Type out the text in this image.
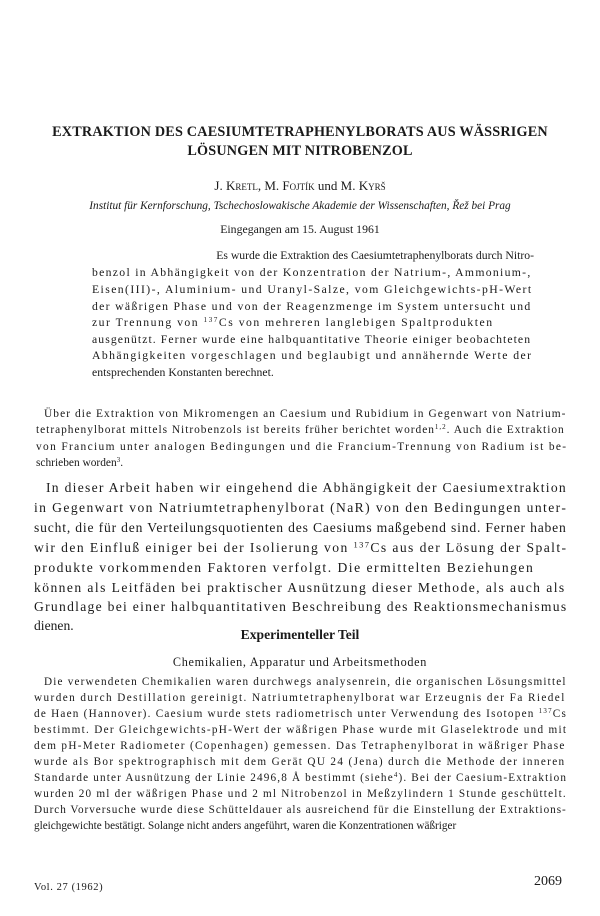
EXTRAKTION DES CAESIUMTETRAPHENYLBORATS AUS WÄSSRIGEN
LÖSUNGEN MIT NITROBENZOL
J. Kretl, M. Fojtík und M. Kyrš
Institut für Kernforschung, Tschechoslowakische Akademie der Wissenschaften, Řež bei Prag
Eingegangen am 15. August 1961
Es wurde die Extraktion des Caesiumtetraphenylborats durch Nitro-
benzol in Abhängigkeit von der Konzentration der Natrium-, Ammonium-,
Eisen(III)-, Aluminium- und Uranyl-Salze, vom Gleichgewichts-pH-Wert
der wäßrigen Phase und von der Reagenzmenge im System untersucht und
zur Trennung von $^{137}$Cs von mehreren langlebigen Spaltprodukten
ausgenützt. Ferner wurde eine halbquantitative Theorie einiger beobachteten
Abhängigkeiten vorgeschlagen und beglaubigt und annähernde Werte der
entsprechenden Konstanten berechnet.
Über die Extraktion von Mikromengen an Caesium und Rubidium in Gegenwart von Natrium-
tetraphenylborat mittels Nitrobenzols ist bereits früher berichtet worden$^{1,2}$. Auch die Extraktion
von Francium unter analogen Bedingungen und die Francium-Trennung von Radium ist be-
schrieben worden$^3$.
In dieser Arbeit haben wir eingehend die Abhängigkeit der Caesiumextraktion
in Gegenwart von Natriumtetraphenylborat (NaR) von den Bedingungen unter-
sucht, die für den Verteilungsquotienten des Caesiums maßgebend sind. Ferner haben
wir den Einfluß einiger bei der Isolierung von $^{137}$Cs aus der Lösung der Spalt-
produkte vorkommenden Faktoren verfolgt. Die ermittelten Beziehungen
können als Leitfäden bei praktischer Ausnützung dieser Methode, als auch als
Grundlage bei einer halbquantitativen Beschreibung des Reaktionsmechanismus
dienen.
Experimenteller Teil
Chemikalien, Apparatur und Arbeitsmethoden
Die verwendeten Chemikalien waren durchwegs analysenrein, die organischen Lösungsmittel
wurden durch Destillation gereinigt. Natriumtetraphenylborat war Erzeugnis der Fa Riedel
de Haen (Hannover). Caesium wurde stets radiometrisch unter Verwendung des Isotopen $^{137}$Cs
bestimmt. Der Gleichgewichts-pH-Wert der wäßrigen Phase wurde mit Glaselektrode und mit
dem pH-Meter Radiometer (Copenhagen) gemessen. Das Tetraphenylborat in wäßriger Phase
wurde als Bor spektrographisch mit dem Gerät QU 24 (Jena) durch die Methode der inneren
Standarde unter Ausnützung der Linie 2496,8 Å bestimmt (siehe$^4$). Bei der Caesium-Extraktion
wurden 20 ml der wäßrigen Phase und 2 ml Nitrobenzol in Meßzylindern 1 Stunde geschüttelt.
Durch Vorversuche wurde diese Schütteldauer als ausreichend für die Einstellung der Extraktions-
gleichgewichte bestätigt. Solange nicht anders angeführt, waren die Konzentrationen wäßriger
Vol. 27 (1962)	2069
